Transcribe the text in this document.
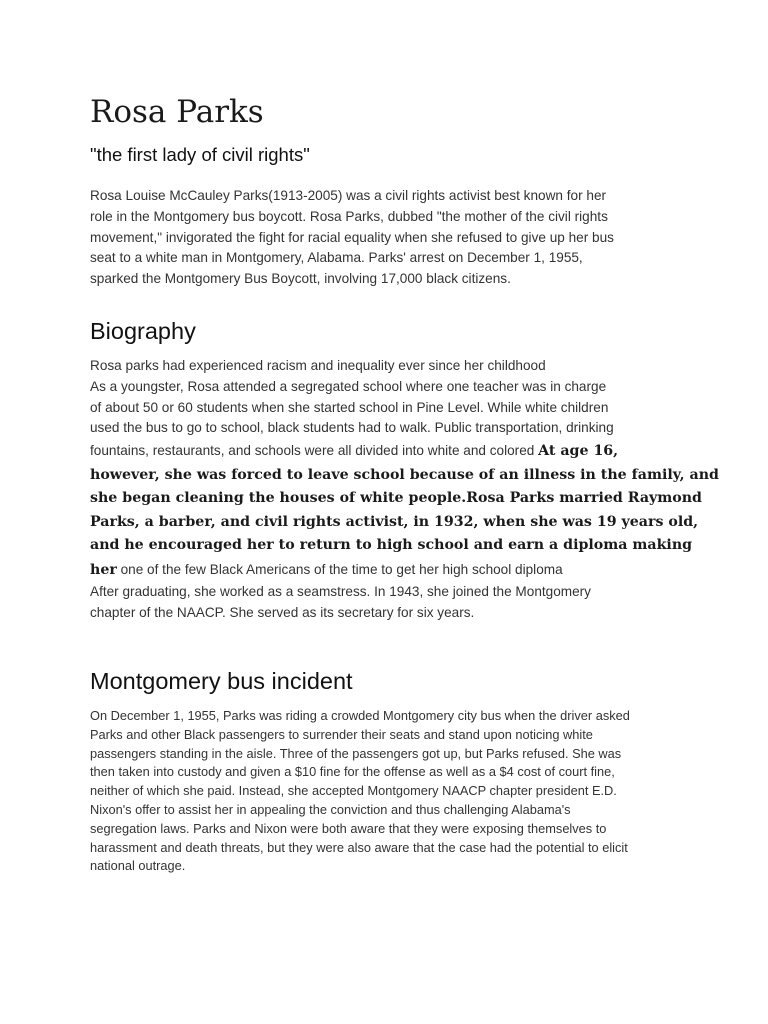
Rosa Parks

"the first lady of civil rights"

Rosa Louise McCauley Parks(1913-2005) was a civil rights activist best known for her
role in the Montgomery bus boycott. Rosa Parks, dubbed "the mother of the civil rights
movement," invigorated the fight for racial equality when she refused to give up her bus
seat to a white man in Montgomery, Alabama. Parks' arrest on December 1, 1955,
sparked the Montgomery Bus Boycott, involving 17,000 black citizens.

Biography
Rosa parks had experienced racism and inequality ever since her childhood
As a youngster, Rosa attended a segregated school where one teacher was in charge
of about 50 or 60 students when she started school in Pine Level. While white children
used the bus to go to school, black students had to walk. Public transportation, drinking
fountains, restaurants, and schools were all divided into white and colored At age 16,
however, she was forced to leave school because of an illness in the family, and
she began cleaning the houses of white people.Rosa Parks married Raymond
Parks, a barber, and civil rights activist, in 1932, when she was 19 years old,
and he encouraged her to return to high school and earn a diploma making
her one of the few Black Americans of the time to get her high school diploma
After graduating, she worked as a seamstress. In 1943, she joined the Montgomery
chapter of the NAACP. She served as its secretary for six years.
Montgomery bus incident
On December 1, 1955, Parks was riding a crowded Montgomery city bus when the driver asked
Parks and other Black passengers to surrender their seats and stand upon noticing white
passengers standing in the aisle. Three of the passengers got up, but Parks refused. She was
then taken into custody and given a $10 fine for the offense as well as a $4 cost of court fine,
neither of which she paid. Instead, she accepted Montgomery NAACP chapter president E.D.
Nixon's offer to assist her in appealing the conviction and thus challenging Alabama's
segregation laws. Parks and Nixon were both aware that they were exposing themselves to
harassment and death threats, but they were also aware that the case had the potential to elicit
national outrage.
